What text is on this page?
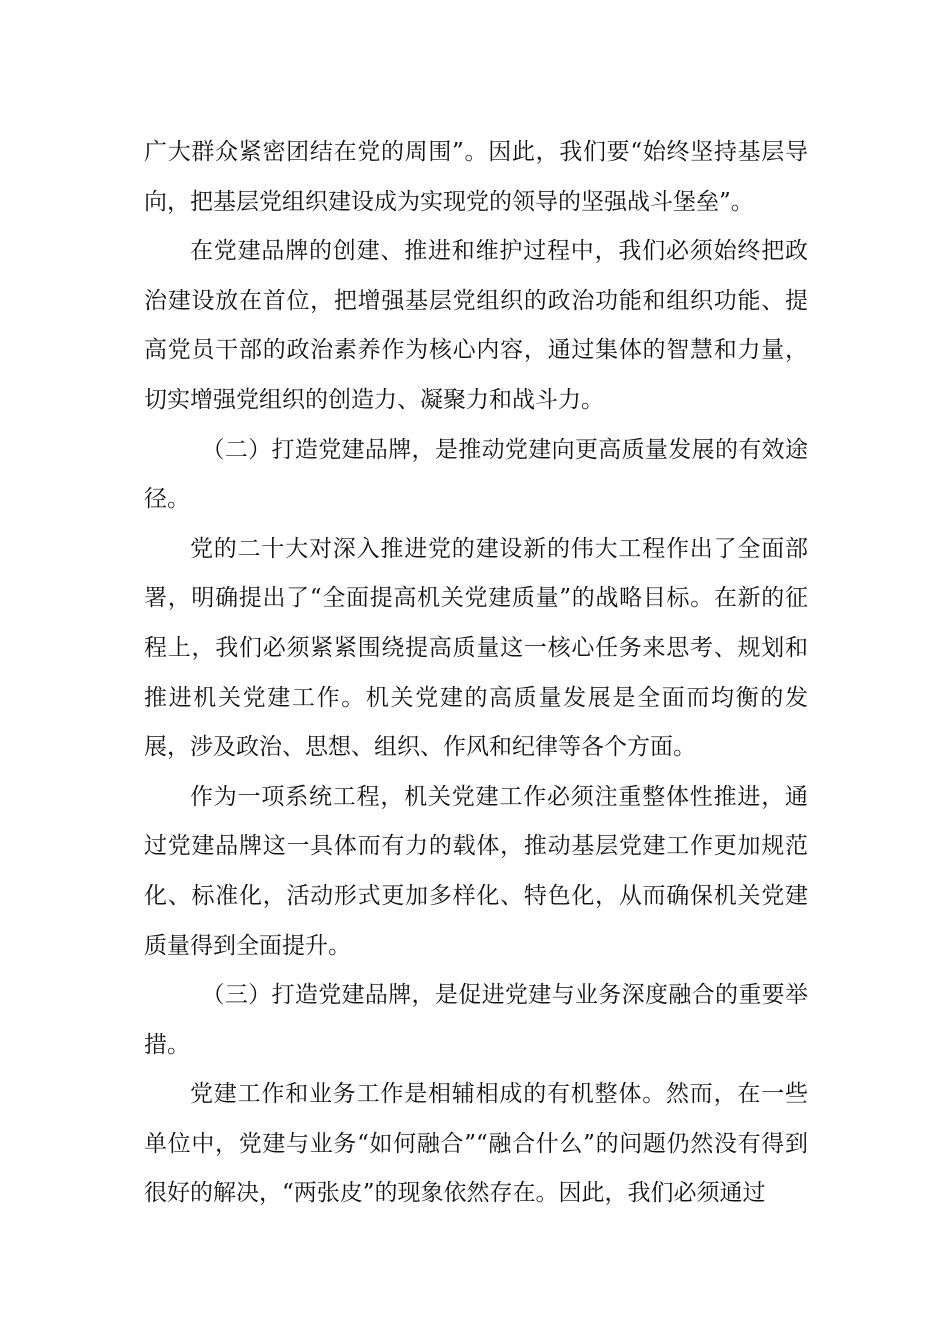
广大群众紧密团结在党的周围”。因此，我们要“始终坚持基层导向，把基层党组织建设成为实现党的领导的坚强战斗堡垒”。

在党建品牌的创建、推进和维护过程中，我们必须始终把政治建设放在首位，把增强基层党组织的政治功能和组织功能、提高党员干部的政治素养作为核心内容，通过集体的智慧和力量，切实增强党组织的创造力、凝聚力和战斗力。

（二）打造党建品牌，是推动党建向更高质量发展的有效途径。

党的二十大对深入推进党的建设新的伟大工程作出了全面部署，明确提出了“全面提高机关党建质量”的战略目标。在新的征程上，我们必须紧紧围绕提高质量这一核心任务来思考、规划和推进机关党建工作。机关党建的高质量发展是全面而均衡的发展，涉及政治、思想、组织、作风和纪律等各个方面。

作为一项系统工程，机关党建工作必须注重整体性推进，通过党建品牌这一具体而有力的载体，推动基层党建工作更加规范化、标准化，活动形式更加多样化、特色化，从而确保机关党建质量得到全面提升。

（三）打造党建品牌，是促进党建与业务深度融合的重要举措。

党建工作和业务工作是相辅相成的有机整体。然而，在一些单位中，党建与业务“如何融合”“融合什么”的问题仍然没有得到很好的解决，“两张皮”的现象依然存在。因此，我们必须通过
